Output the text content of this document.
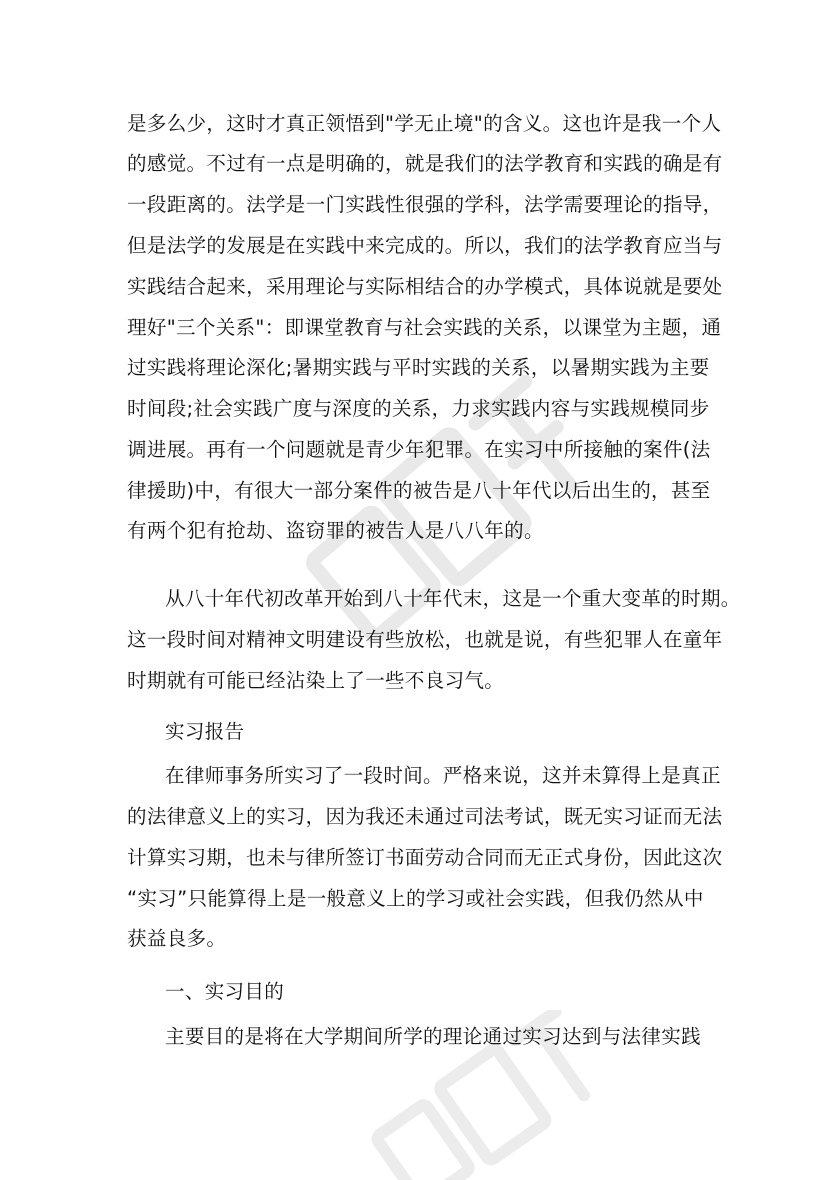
是多么少，这时才真正领悟到"学无止境"的含义。这也许是我一个人
的感觉。不过有一点是明确的，就是我们的法学教育和实践的确是有
一段距离的。法学是一门实践性很强的学科，法学需要理论的指导，
但是法学的发展是在实践中来完成的。所以，我们的法学教育应当与
实践结合起来，采用理论与实际相结合的办学模式，具体说就是要处
理好"三个关系"：即课堂教育与社会实践的关系，以课堂为主题，通
过实践将理论深化;暑期实践与平时实践的关系，以暑期实践为主要
时间段;社会实践广度与深度的关系，力求实践内容与实践规模同步
调进展。再有一个问题就是青少年犯罪。在实习中所接触的案件(法
律援助)中，有很大一部分案件的被告是八十年代以后出生的，甚至
有两个犯有抢劫、盗窃罪的被告人是八八年的。
从八十年代初改革开始到八十年代末，这是一个重大变革的时期。
这一段时间对精神文明建设有些放松，也就是说，有些犯罪人在童年
时期就有可能已经沾染上了一些不良习气。
实习报告
在律师事务所实习了一段时间。严格来说，这并未算得上是真正
的法律意义上的实习，因为我还未通过司法考试，既无实习证而无法
计算实习期，也未与律所签订书面劳动合同而无正式身份，因此这次
“实习”只能算得上是一般意义上的学习或社会实践，但我仍然从中
获益良多。
一、实习目的
主要目的是将在大学期间所学的理论通过实习达到与法律实践
